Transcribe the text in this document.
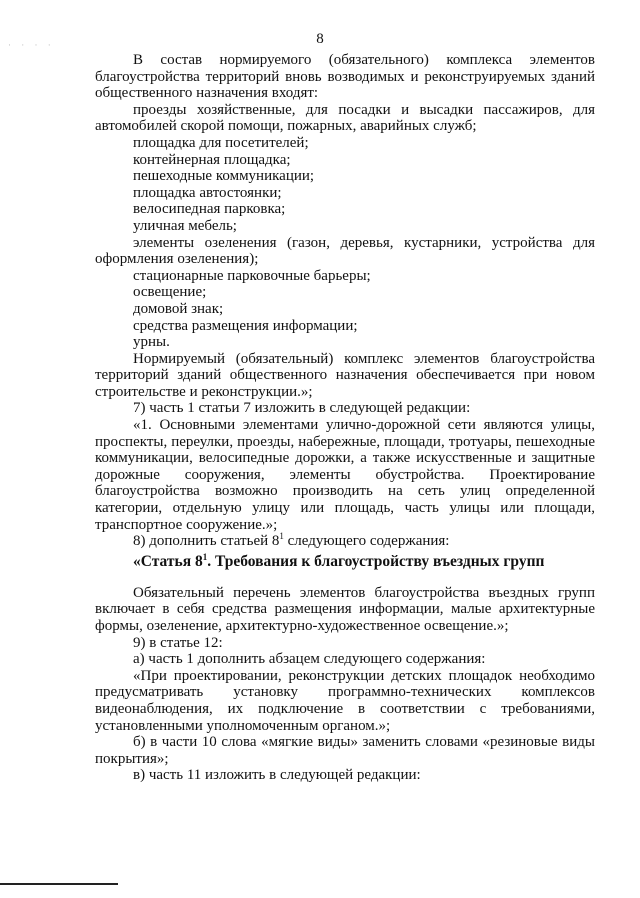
· · · ·	8

В состав нормируемого (обязательного) комплекса элементов благоустройства территорий вновь возводимых и реконструируемых зданий общественного назначения входят:

проезды хозяйственные, для посадки и высадки пассажиров, для автомобилей скорой помощи, пожарных, аварийных служб;

площадка для посетителей;

контейнерная площадка;

пешеходные коммуникации;

площадка автостоянки;

велосипедная парковка;

уличная мебель;

элементы озеленения (газон, деревья, кустарники, устройства для оформления озеленения);

стационарные парковочные барьеры;

освещение;

домовой знак;

средства размещения информации;

урны.

Нормируемый (обязательный) комплекс элементов благоустройства территорий зданий общественного назначения обеспечивается при новом строительстве и реконструкции.»;

7) часть 1 статьи 7 изложить в следующей редакции:

«1. Основными элементами улично-дорожной сети являются улицы, проспекты, переулки, проезды, набережные, площади, тротуары, пешеходные коммуникации, велосипедные дорожки, а также искусственные и защитные дорожные сооружения, элементы обустройства. Проектирование благоустройства возможно производить на сеть улиц определенной категории, отдельную улицу или площадь, часть улицы или площади, транспортное сооружение.»;

8) дополнить статьей $8^1$ следующего содержания:

«Статья $8^1$. Требования к благоустройству въездных групп

Обязательный перечень элементов благоустройства въездных групп включает в себя средства размещения информации, малые архитектурные формы, озеленение, архитектурно-художественное освещение.»;

9) в статье 12:

а) часть 1 дополнить абзацем следующего содержания:

«При проектировании, реконструкции детских площадок необходимо предусматривать установку программно-технических комплексов видеонаблюдения, их подключение в соответствии с требованиями, установленными уполномоченным органом.»;

б) в части 10 слова «мягкие виды» заменить словами «резиновые виды покрытия»;

в) часть 11 изложить в следующей редакции:
